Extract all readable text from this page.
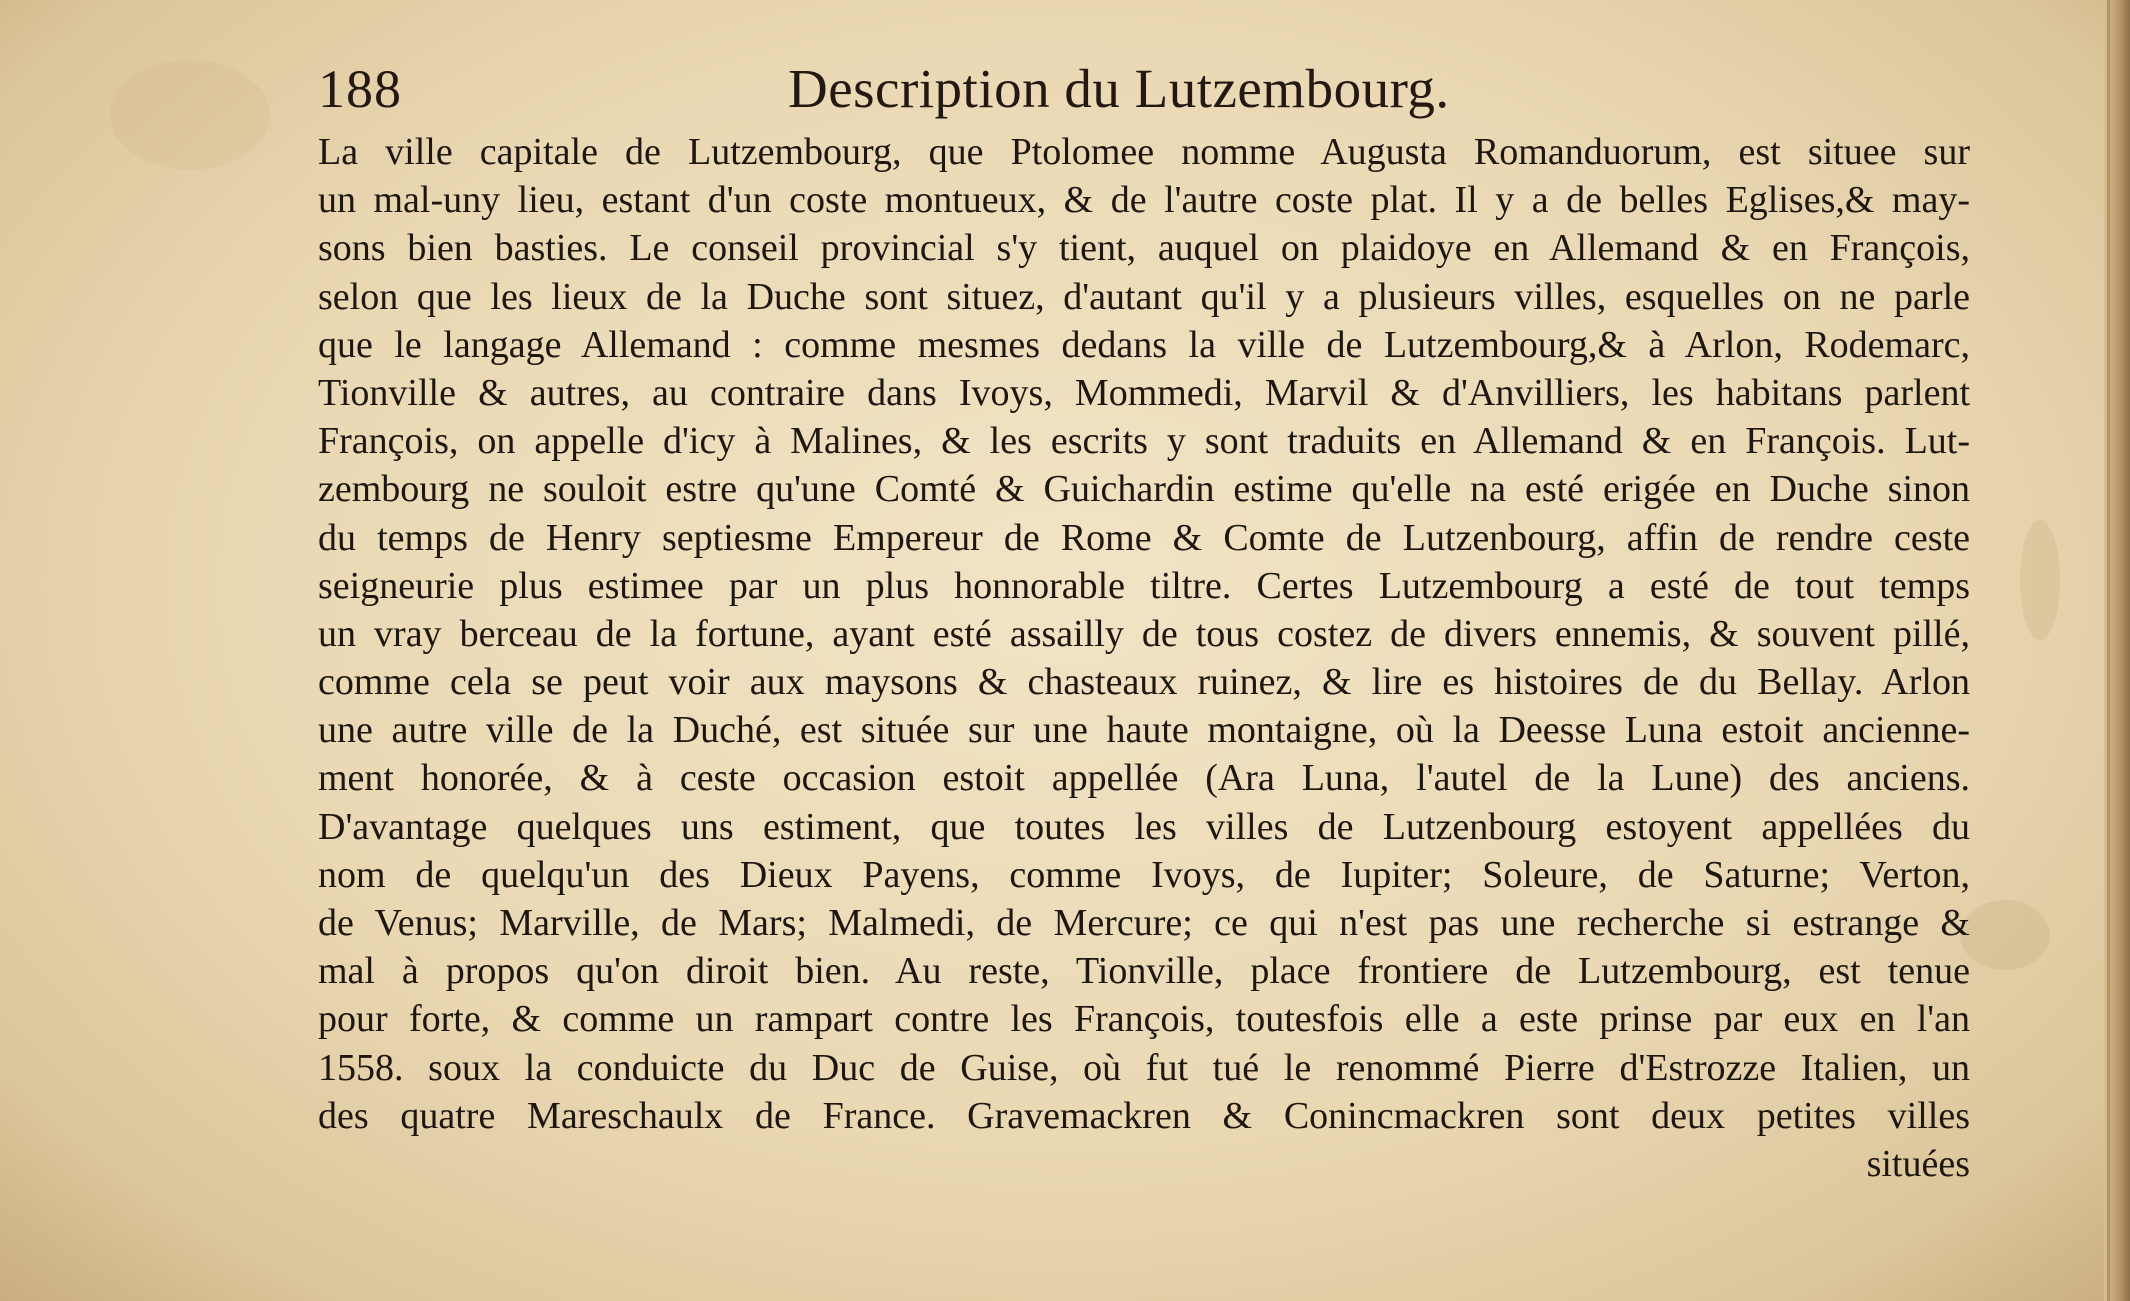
188	Description du Lutzembourg.
La ville capitale de Lutzembourg, que Ptolomee nomme Augusta Romanduorum, est situee sur
un mal-uny lieu, estant d'un coste montueux, & de l'autre coste plat. Il y a de belles Eglises,& may-
sons bien basties. Le conseil provincial s'y tient, auquel on plaidoye en Allemand & en François,
selon que les lieux de la Duche sont situez, d'autant qu'il y a plusieurs villes, esquelles on ne parle
que le langage Allemand : comme mesmes dedans la ville de Lutzembourg,& à Arlon, Rodemarc,
Tionville & autres, au contraire dans Ivoys, Mommedi, Marvil & d'Anvilliers, les habitans parlent
François, on appelle d'icy à Malines, & les escrits y sont traduits en Allemand & en François. Lut-
zembourg ne souloit estre qu'une Comté & Guichardin estime qu'elle na esté erigée en Duche sinon
du temps de Henry septiesme Empereur de Rome & Comte de Lutzenbourg, affin de rendre ceste
seigneurie plus estimee par un plus honnorable tiltre. Certes Lutzembourg a esté de tout temps
un vray berceau de la fortune, ayant esté assailly de tous costez de divers ennemis, & souvent pillé,
comme cela se peut voir aux maysons & chasteaux ruinez, & lire es histoires de du Bellay. Arlon
une autre ville de la Duché, est située sur une haute montaigne, où la Deesse Luna estoit ancienne-
ment honorée, & à ceste occasion estoit appellée (Ara Luna, l'autel de la Lune) des anciens.
D'avantage quelques uns estiment, que toutes les villes de Lutzenbourg estoyent appellées du
nom de quelqu'un des Dieux Payens, comme Ivoys, de Iupiter; Soleure, de Saturne; Verton,
de Venus; Marville, de Mars; Malmedi, de Mercure; ce qui n'est pas une recherche si estrange &
mal à propos qu'on diroit bien. Au reste, Tionville, place frontiere de Lutzembourg, est tenue
pour forte, & comme un rampart contre les François, toutesfois elle a este prinse par eux en l'an
1558. soux la conduicte du Duc de Guise, où fut tué le renommé Pierre d'Estrozze Italien, un
des quatre Mareschaulx de France. Gravemackren & Conincmackren sont deux petites villes
situées
